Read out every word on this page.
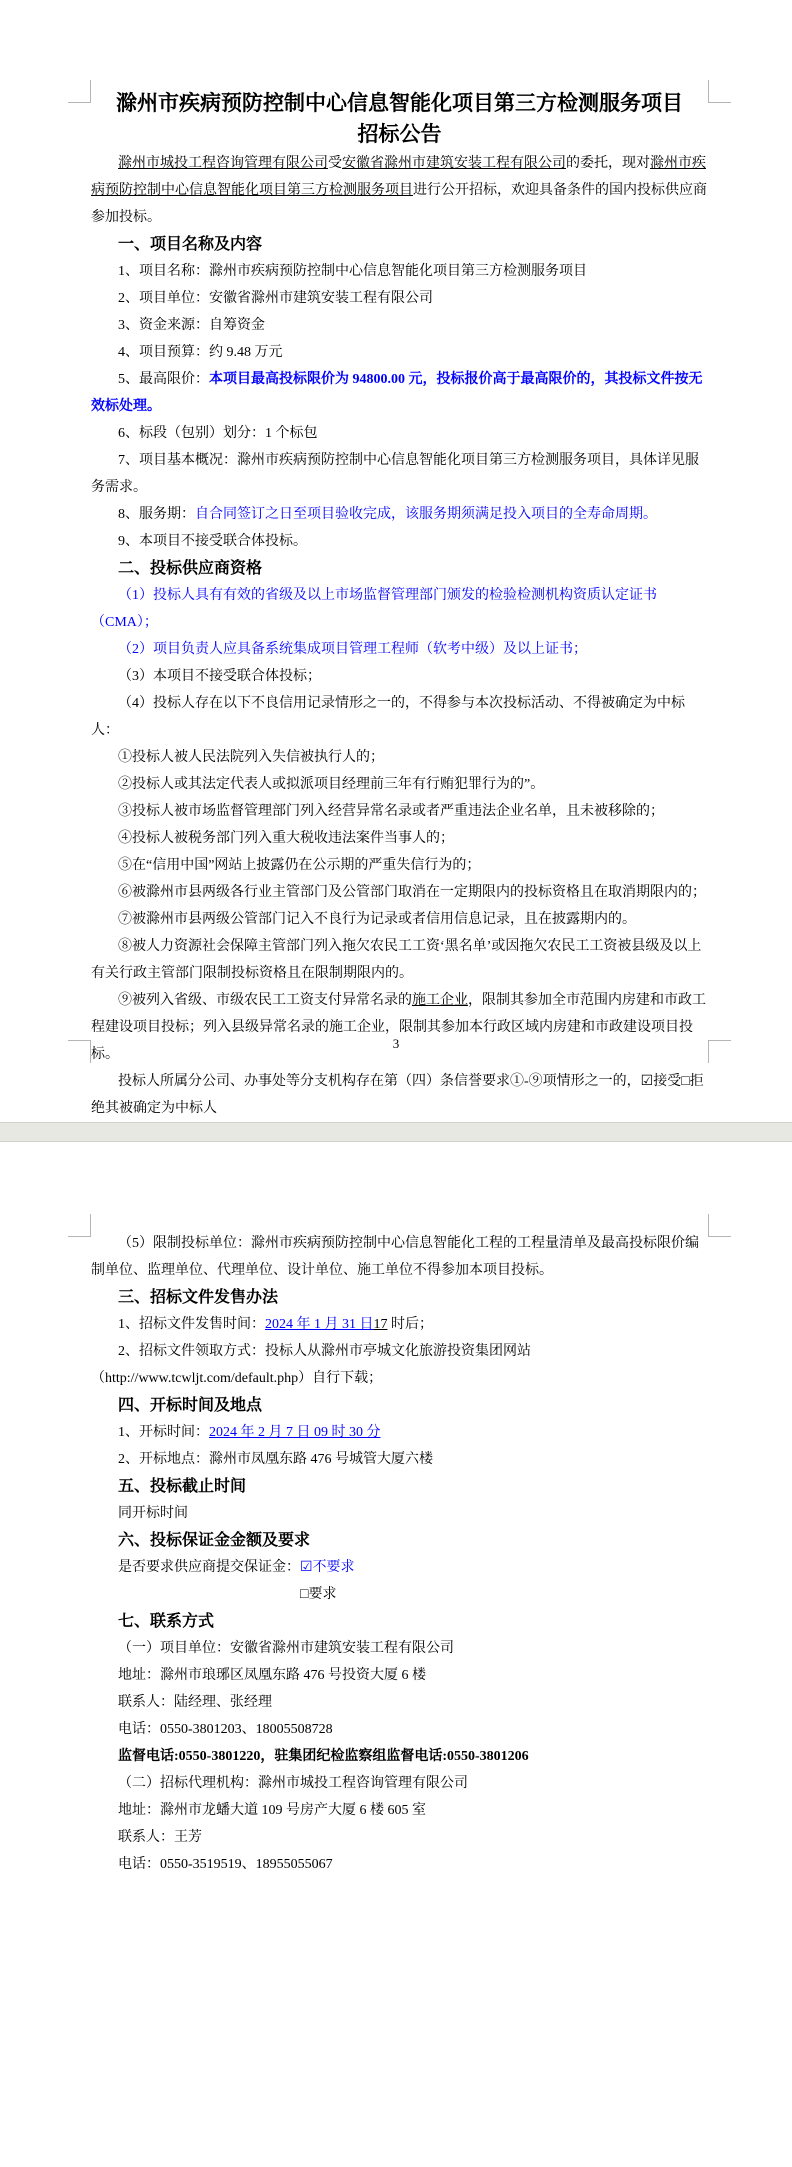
滁州市疾病预防控制中心信息智能化项目第三方检测服务项目

招标公告

滁州市城投工程咨询管理有限公司受安徽省滁州市建筑安装工程有限公司的委托，现对滁州市疾病预防控制中心信息智能化项目第三方检测服务项目进行公开招标，欢迎具备条件的国内投标供应商参加投标。

一、项目名称及内容

1、项目名称：滁州市疾病预防控制中心信息智能化项目第三方检测服务项目

2、项目单位：安徽省滁州市建筑安装工程有限公司

3、资金来源：自筹资金

4、项目预算：约 9.48 万元

5、最高限价：本项目最高投标限价为 94800.00 元，投标报价高于最高限价的，其投标文件按无效标处理。

6、标段（包别）划分：1 个标包

7、项目基本概况：滁州市疾病预防控制中心信息智能化项目第三方检测服务项目，具体详见服务需求。

8、服务期：自合同签订之日至项目验收完成，该服务期须满足投入项目的全寿命周期。

9、本项目不接受联合体投标。

二、投标供应商资格

（1）投标人具有有效的省级及以上市场监督管理部门颁发的检验检测机构资质认定证书（CMA）；

（2）项目负责人应具备系统集成项目管理工程师（软考中级）及以上证书；

（3）本项目不接受联合体投标；

（4）投标人存在以下不良信用记录情形之一的，不得参与本次投标活动、不得被确定为中标人：

①投标人被人民法院列入失信被执行人的；

②投标人或其法定代表人或拟派项目经理前三年有行贿犯罪行为的”。

③投标人被市场监督管理部门列入经营异常名录或者严重违法企业名单，且未被移除的；

④投标人被税务部门列入重大税收违法案件当事人的；

⑤在“信用中国”网站上披露仍在公示期的严重失信行为的；

⑥被滁州市县两级各行业主管部门及公管部门取消在一定期限内的投标资格且在取消期限内的；

⑦被滁州市县两级公管部门记入不良行为记录或者信用信息记录，且在披露期内的。

⑧被人力资源社会保障主管部门列入拖欠农民工工资‘黑名单’或因拖欠农民工工资被县级及以上有关行政主管部门限制投标资格且在限制期限内的。

⑨被列入省级、市级农民工工资支付异常名录的施工企业，限制其参加全市范围内房建和市政工程建设项目投标；列入县级异常名录的施工企业，限制其参加本行政区域内房建和市政建设项目投标。

投标人所属分公司、办事处等分支机构存在第（四）条信誉要求①-⑨项情形之一的，☑接受□拒绝其被确定为中标人

3

（5）限制投标单位：滁州市疾病预防控制中心信息智能化工程的工程量清单及最高投标限价编制单位、监理单位、代理单位、设计单位、施工单位不得参加本项目投标。

三、招标文件发售办法

1、招标文件发售时间：2024 年 1 月 31 日17 时后；

2、招标文件领取方式：投标人从滁州市亭城文化旅游投资集团网站（http://www.tcwljt.com/default.php）自行下载；

四、开标时间及地点

1、开标时间：2024 年 2 月 7 日 09 时 30 分

2、开标地点：滁州市凤凰东路 476 号城管大厦六楼

五、投标截止时间

同开标时间

六、投标保证金金额及要求

是否要求供应商提交保证金：☑不要求

□要求

七、联系方式

（一）项目单位：安徽省滁州市建筑安装工程有限公司

地址：滁州市琅琊区凤凰东路 476 号投资大厦 6 楼

联系人：陆经理、张经理

电话：0550-3801203、18005508728

监督电话:0550-3801220，驻集团纪检监察组监督电话:0550-3801206

（二）招标代理机构：滁州市城投工程咨询管理有限公司

地址：滁州市龙蟠大道 109 号房产大厦 6 楼 605 室

联系人：王芳

电话：0550-3519519、18955055067
